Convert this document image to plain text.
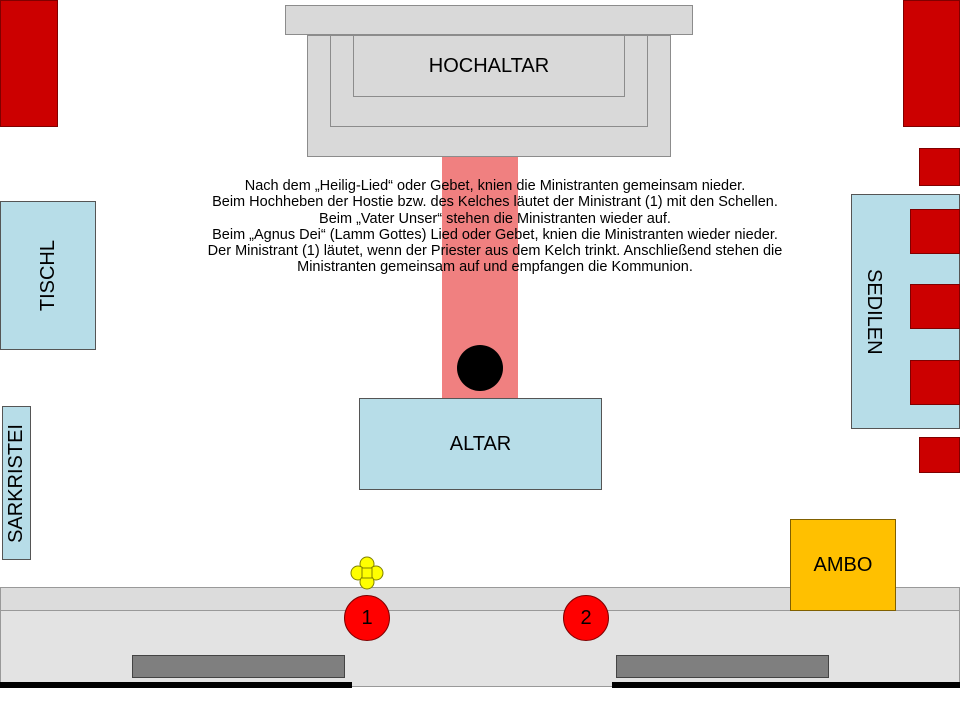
HOCHALTAR

Nach dem „Heilig-Lied“ oder Gebet, knien die Ministranten gemeinsam nieder.

Beim Hochheben der Hostie bzw. des Kelches läutet der Ministrant (1) mit den Schellen.

Beim „Vater Unser“ stehen die Ministranten wieder auf.

Beim „Agnus Dei“ (Lamm Gottes) Lied oder Gebet, knien die Ministranten wieder nieder.

Der Ministrant (1) läutet, wenn der Priester aus dem Kelch trinkt. Anschließend stehen die Ministranten gemeinsam auf und empfangen die Kommunion.

ALTAR
TISCHL
SARKRISTEI
SEDILEN
AMBO
1	2
